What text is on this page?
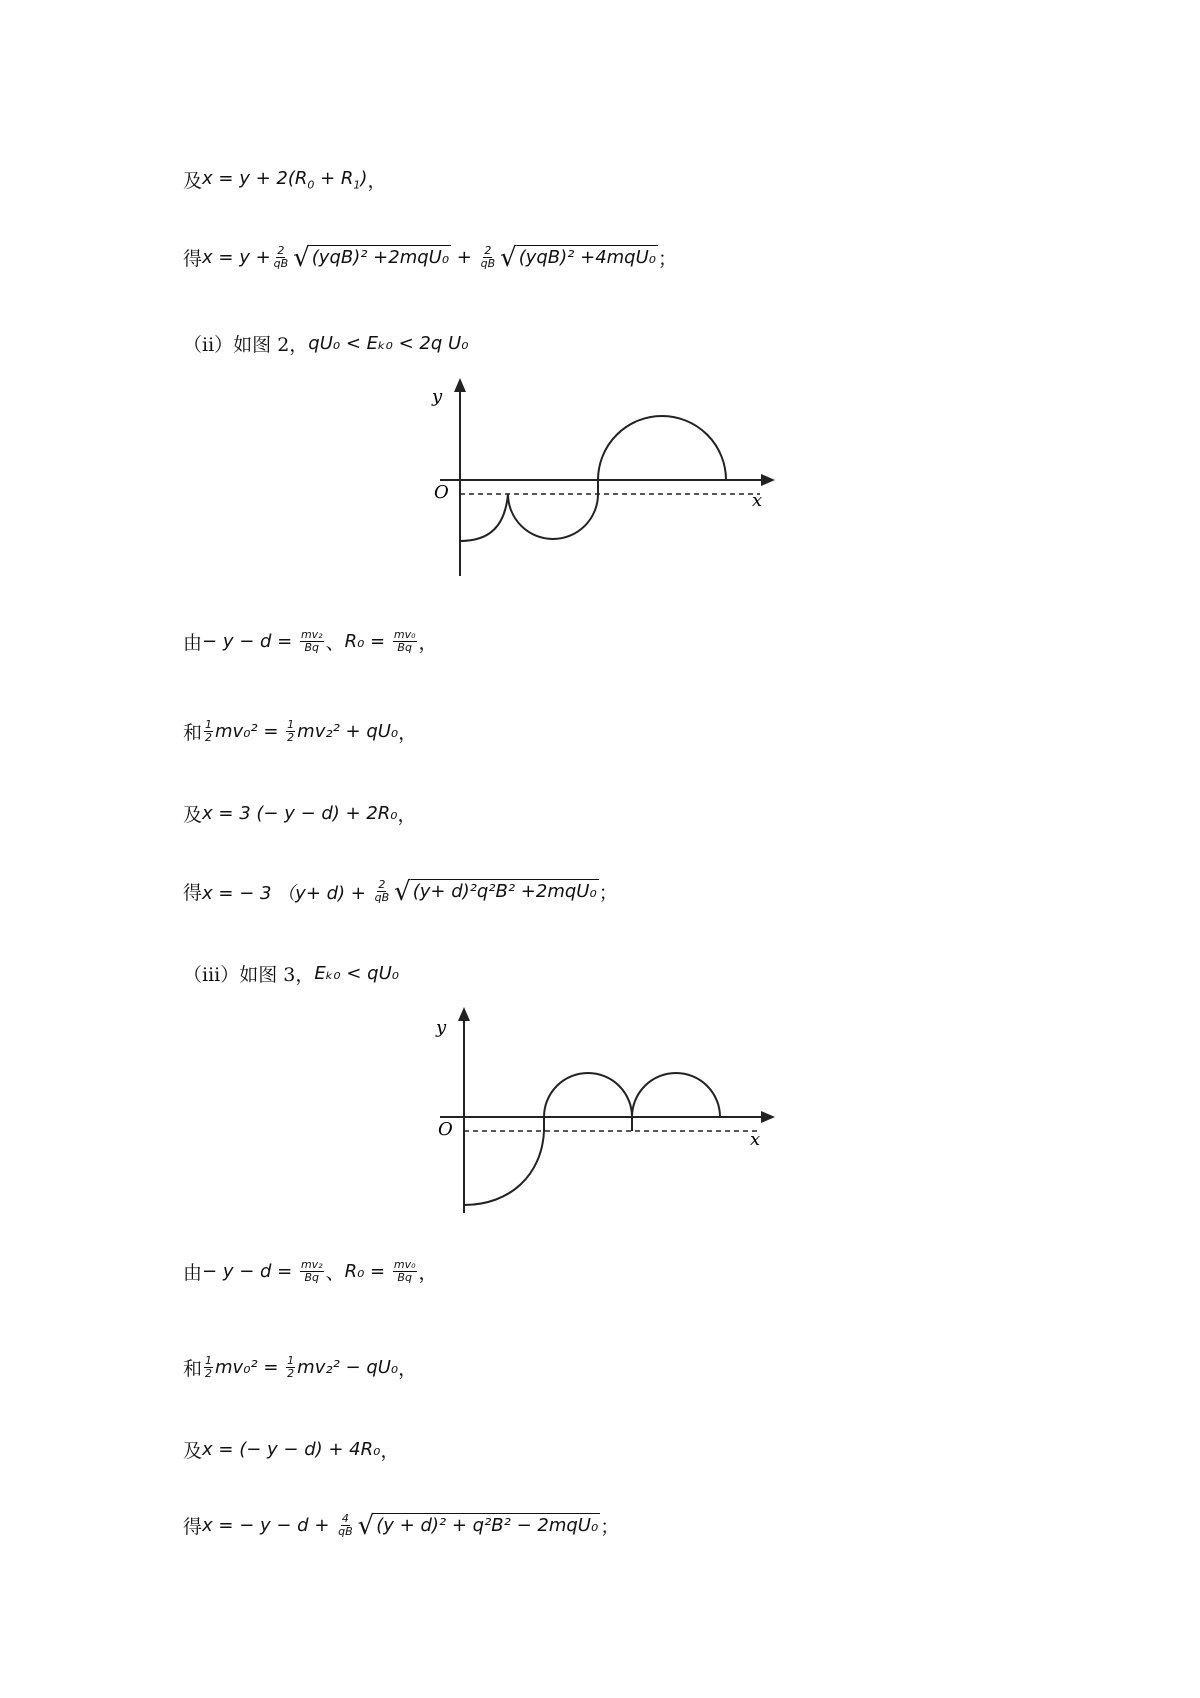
及 $x = y + 2(R_0 + R_1)$ ，
得 $x = y + \frac{2}{qB}$ √ $(yqB)^2 +2mqU_0 + \frac{2}{qB}$ √ (yqB)² +4mqU₀ ；
（ii）如图 2， qU₀ < Eₖ₀ < 2q U₀
y
O	x
由 − $y - d = \frac{\text{mv₂}}{Bq}$ 、 $R_0 = \frac{\text{mv₀}}{Bq}$ ，
和 $\frac{1}{2} mv_0^2 = \frac{1}{2} mv_2^2 + qU_0$ ，
及 x = 3 (− y − d) + 2R₀ ，
得 x = − 3 $(y+ d) + \frac{2}{qB}$ √ (y+ d)²q²B² +2mqU₀ ；
（iii）如图 3， Eₖ₀ < qU₀
y
O	x
由 − $y - d = \frac{\text{mv₂}}{Bq}$ 、 $R_0 = \frac{\text{mv₀}}{Bq}$ ，
和 $\frac{1}{2} mv_0^2 = \frac{1}{2} mv_2^2 - qU_0$ ，
及 x = (− y − d) + 4R₀ ，
得 x = − $y - d + \frac{4}{qB}$ √ (y + d)² + q²B² − 2mqU₀ ；
